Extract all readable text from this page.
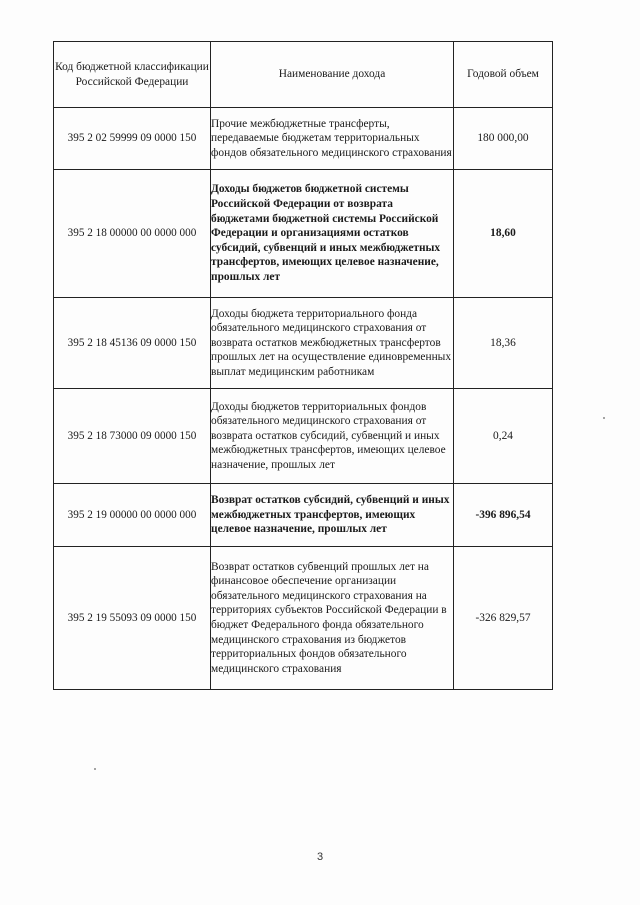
Код бюджетной классификации Российской Федерации	Наименование дохода	Годовой объем
395 2 02 59999 09 0000 150	Прочие межбюджетные трансферты, передаваемые бюджетам территориальных фондов обязательного медицинского страхования	180 000,00
395 2 18 00000 00 0000 000	Доходы бюджетов бюджетной системы Российской Федерации от возврата бюджетами бюджетной системы Российской Федерации и организациями остатков субсидий, субвенций и иных межбюджетных трансфертов, имеющих целевое назначение, прошлых лет	18,60
395 2 18 45136 09 0000 150	Доходы бюджета территориального фонда обязательного медицинского страхования от возврата остатков межбюджетных трансфертов прошлых лет на осуществление единовременных выплат медицинским работникам	18,36
395 2 18 73000 09 0000 150	Доходы бюджетов территориальных фондов обязательного медицинского страхования от возврата остатков субсидий, субвенций и иных межбюджетных трансфертов, имеющих целевое назначение, прошлых лет	0,24
395 2 19 00000 00 0000 000	Возврат остатков субсидий, субвенций и иных межбюджетных трансфертов, имеющих целевое назначение, прошлых лет	-396 896,54
395 2 19 55093 09 0000 150	Возврат остатков субвенций прошлых лет на финансовое обеспечение организации обязательного медицинского страхования на территориях субъектов Российской Федерации в бюджет Федерального фонда обязательного медицинского страхования из бюджетов территориальных фондов обязательного медицинского страхования	-326 829,57
3
